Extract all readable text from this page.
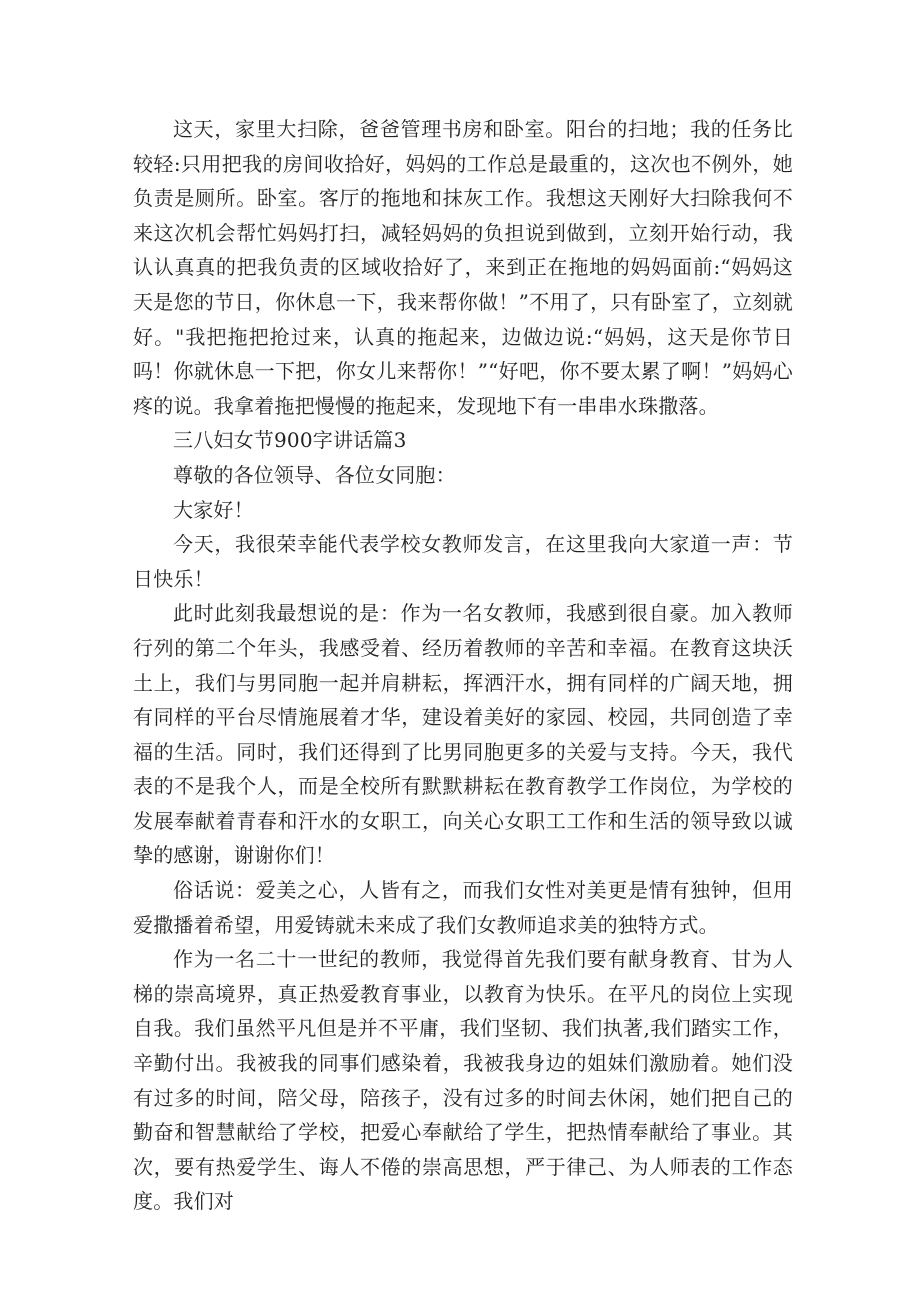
这天，家里大扫除，爸爸管理书房和卧室。阳台的扫地；我的任务比较轻:只用把我的房间收拾好，妈妈的工作总是最重的，这次也不例外，她负责是厕所。卧室。客厅的拖地和抹灰工作。我想这天刚好大扫除我何不来这次机会帮忙妈妈打扫，减轻妈妈的负担说到做到，立刻开始行动，我认认真真的把我负责的区域收拾好了，来到正在拖地的妈妈面前:“妈妈这天是您的节日，你休息一下，我来帮你做！”不用了，只有卧室了，立刻就好。"我把拖把抢过来，认真的拖起来，边做边说:“妈妈，这天是你节日吗！你就休息一下把，你女儿来帮你！”“好吧，你不要太累了啊！”妈妈心疼的说。我拿着拖把慢慢的拖起来，发现地下有一串串水珠撒落。

三八妇女节900字讲话篇3

尊敬的各位领导、各位女同胞：

大家好！

今天，我很荣幸能代表学校女教师发言，在这里我向大家道一声：节日快乐！

此时此刻我最想说的是：作为一名女教师，我感到很自豪。加入教师行列的第二个年头，我感受着、经历着教师的辛苦和幸福。在教育这块沃土上，我们与男同胞一起并肩耕耘，挥洒汗水，拥有同样的广阔天地，拥有同样的平台尽情施展着才华，建设着美好的家园、校园，共同创造了幸福的生活。同时，我们还得到了比男同胞更多的关爱与支持。今天，我代表的不是我个人，而是全校所有默默耕耘在教育教学工作岗位，为学校的发展奉献着青春和汗水的女职工，向关心女职工工作和生活的领导致以诚挚的感谢，谢谢你们！

俗话说：爱美之心，人皆有之，而我们女性对美更是情有独钟，但用爱撒播着希望，用爱铸就未来成了我们女教师追求美的独特方式。

作为一名二十一世纪的教师，我觉得首先我们要有献身教育、甘为人梯的崇高境界，真正热爱教育事业，以教育为快乐。在平凡的岗位上实现自我。我们虽然平凡但是并不平庸，我们坚韧、我们执著,我们踏实工作，辛勤付出。我被我的同事们感染着，我被我身边的姐妹们激励着。她们没有过多的时间，陪父母，陪孩子，没有过多的时间去休闲，她们把自己的勤奋和智慧献给了学校，把爱心奉献给了学生，把热情奉献给了事业。其次，要有热爱学生、诲人不倦的崇高思想，严于律己、为人师表的工作态度。我们对
